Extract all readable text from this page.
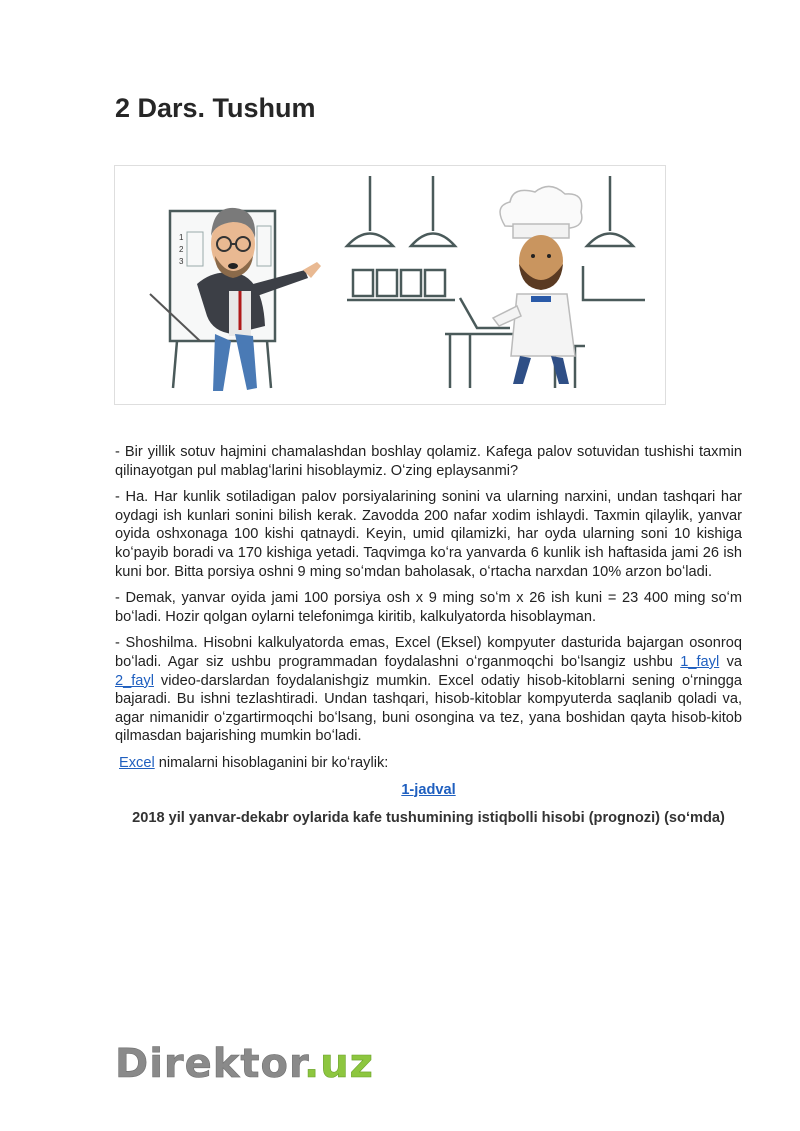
2 Dars. Tushum
1
2
3

- Bir yillik sotuv hajmini chamalashdan boshlay qolamiz. Kafega palov sotuvidan tushishi taxmin qilinayotgan pul mablagʻlarini hisoblaymiz. Oʻzing eplaysanmi?

- Ha. Har kunlik sotiladigan palov porsiyalarining sonini va ularning narxini, undan tashqari har oydagi ish kunlari sonini bilish kerak. Zavodda 200 nafar xodim ishlaydi. Taxmin qilaylik, yanvar oyida oshxonaga 100 kishi qatnaydi. Keyin, umid qilamizki, har oyda ularning soni 10 kishiga koʻpayib boradi va 170 kishiga yetadi. Taqvimga koʻra yanvarda 6 kunlik ish haftasida jami 26 ish kuni bor. Bitta porsiya oshni 9 ming soʻmdan baholasak, oʻrtacha narxdan 10% arzon boʻladi.

- Demak, yanvar oyida jami 100 porsiya osh x 9 ming soʻm x 26 ish kuni = 23 400 ming soʻm boʻladi. Hozir qolgan oylarni telefonimga kiritib, kalkulyatorda hisoblayman.

- Shoshilma. Hisobni kalkulyatorda emas, Excel (Eksel) kompyuter dasturida bajargan osonroq boʻladi. Agar siz ushbu programmadan foydalashni oʻrganmoqchi boʻlsangiz ushbu 1_fayl va 2_fayl video-darslardan foydalanishgiz mumkin. Excel odatiy hisob-kitoblarni sening oʻrningga bajaradi. Bu ishni tezlashtiradi. Undan tashqari, hisob-kitoblar kompyuterda saqlanib qoladi va, agar nimanidir oʻzgartirmoqchi boʻlsang, buni osongina va tez, yana boshidan qayta hisob-kitob qilmasdan bajarishing mumkin boʻladi.

Excel nimalarni hisoblaganini bir koʻraylik:

1-jadval

2018 yil yanvar-dekabr oylarida kafe tushumining istiqbolli hisobi (prognozi) (soʻmda)

Direktor.uz
